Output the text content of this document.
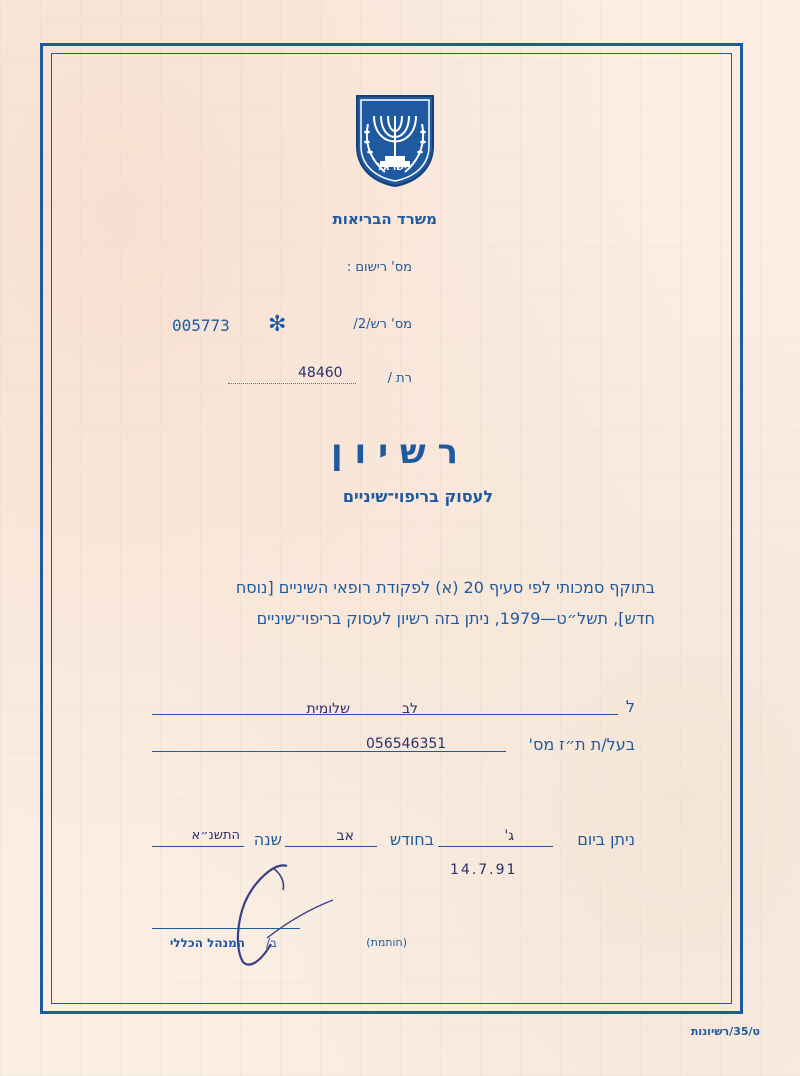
ישראל
משרד הבריאות
מס' רישום :
מס' רש/2/
✻
005773
רת /
48460
ר ש י ו ן
לעסוק בריפוי־שיניים
בתוקף סמכותי לפי סעיף 20 (א) לפקודת רופאי השיניים [נוסח
חדש], תשל״ט—1979, ניתן בזה רשיון לעסוק בריפוי־שיניים
ל
לב
שלומית
בעל/ת ת״ז מס'
056546351
ניתן ביום
ג'
בחודש
אב
שנה
התשנ״א
14.7.91
ב/
המנהל הכללי	(חותמת)
ט/35/רשיונות
